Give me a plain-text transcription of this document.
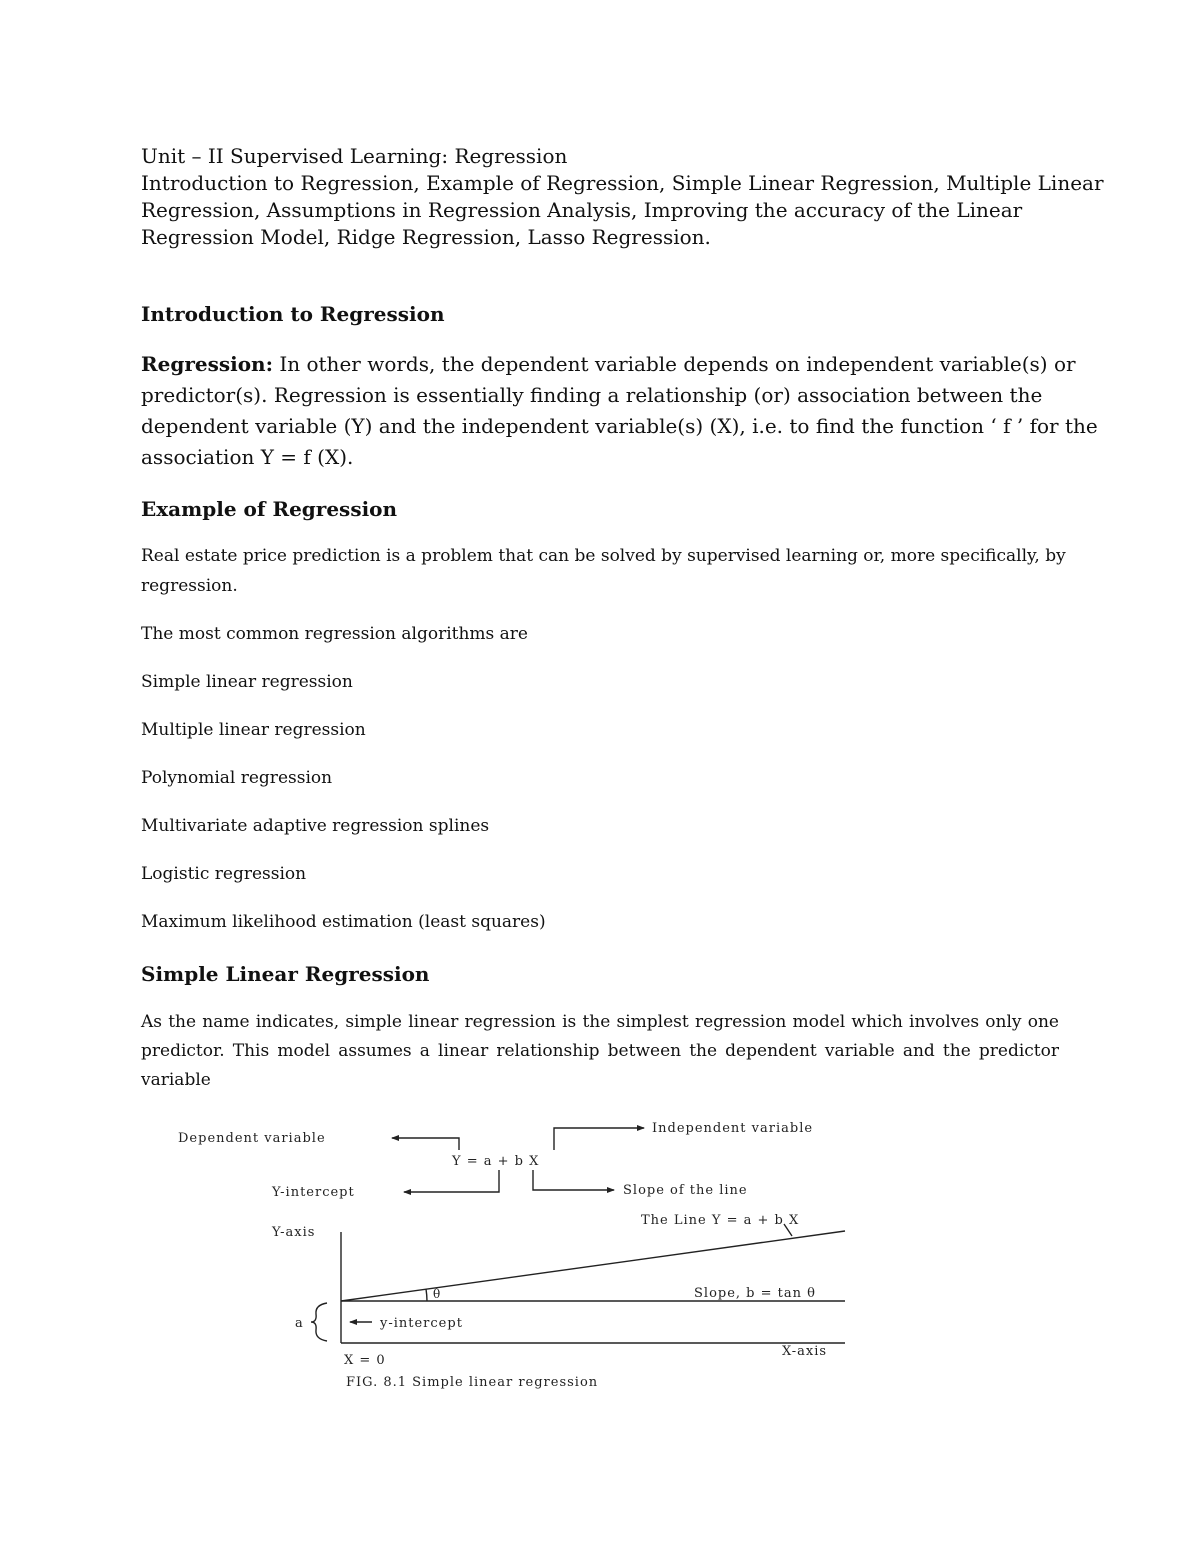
Unit – II Supervised Learning: Regression
Introduction to Regression, Example of Regression, Simple Linear Regression, Multiple Linear
Regression, Assumptions in Regression Analysis, Improving the accuracy of the Linear
Regression Model, Ridge Regression, Lasso Regression.
Introduction to Regression
Regression: In other words, the dependent variable depends on independent variable(s) or
predictor(s). Regression is essentially finding a relationship (or) association between the
dependent variable (Y) and the independent variable(s) (X), i.e. to find the function ‘ f ’ for the
association Y = f (X).
Example of Regression
Real estate price prediction is a problem that can be solved by supervised learning or, more specifically, by
regression.
The most common regression algorithms are
Simple linear regression
Multiple linear regression
Polynomial regression
Multivariate adaptive regression splines
Logistic regression
Maximum likelihood estimation (least squares)
Simple Linear Regression
As the name indicates, simple linear regression is the simplest regression model which involves only one predictor. This model assumes a linear relationship between the dependent variable and the predictor variable
Dependent variable
Independent variable
Y = a + b X
Y-intercept	Slope of the line
Y-axis
The Line Y = a + b X
θ	Slope, b = tan θ
a	y-intercept
X-axis
X = 0
FIG. 8.1 Simple linear regression
